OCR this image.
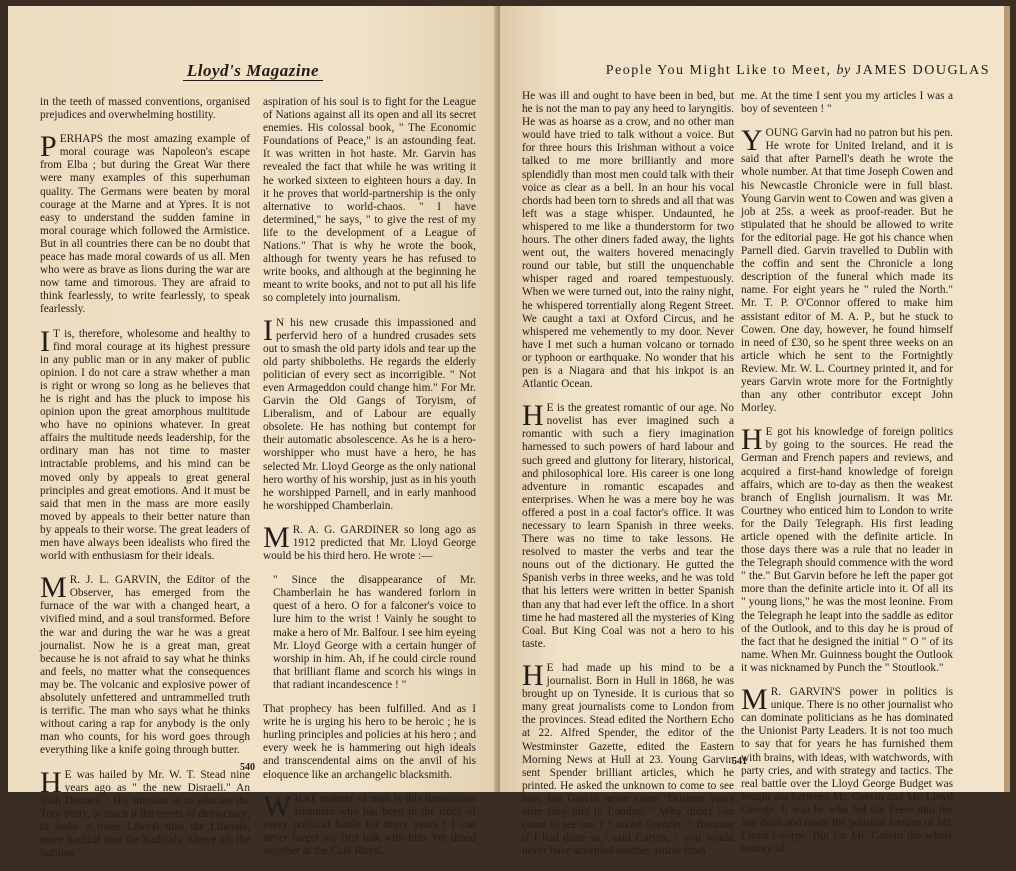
Lloyd's Magazine

in the teeth of massed conventions, organised prejudices and overwhelming hostility.

PERHAPS the most amazing example of moral courage was Napoleon's escape from Elba ; but during the Great War there were many examples of this superhuman quality. The Germans were beaten by moral courage at the Marne and at Ypres. It is not easy to understand the sudden famine in moral courage which followed the Armistice. But in all countries there can be no doubt that peace has made moral cowards of us all. Men who were as brave as lions during the war are now tame and timorous. They are afraid to think fearlessly, to write fearlessly, to speak fearlessly.

I T is, therefore, wholesome and healthy to find moral courage at its highest pressure in any public man or in any maker of public opinion. I do not care a straw whether a man is right or wrong so long as he believes that he is right and has the pluck to impose his opinion upon the great amorphous multitude who have no opinions whatever. In great affairs the multitude needs leadership, for the ordinary man has not time to master intractable problems, and his mind can be moved only by appeals to great general principles and great emotions. And it must be said that men in the mass are more easily moved by appeals to their better nature than by appeals to their worse. The great leaders of men have always been idealists who fired the world with enthusiasm for their ideals.

M R. J. L. GARVIN, the Editor of the Observer, has emerged from the furnace of the war with a changed heart, a vivified mind, and a soul transformed. Before the war and during the war he was a great journalist. Now he is a great man, great because he is not afraid to say what he thinks and feels, no matter what the consequences may be. The volcanic and explosive power of absolutely unfettered and untrammelled truth is terrific. The man who says what he thinks without caring a rap for anybody is the only man who counts, for his word goes through everything like a knife going through butter.

H E was hailed by Mr. W. T. Stead nine years ago as " the new Disraeli." An Irish Disraeli ! His mission is to educate the Tory Party, to teach it the tenets of democracy, to make it more Liberal than the Liberals, more Radical than the Radicals. Above all, the burning

aspiration of his soul is to fight for the League of Nations against all its open and all its secret enemies. His colossal book, " The Economic Foundations of Peace," is an astounding feat. It was written in hot haste. Mr. Garvin has revealed the fact that while he was writing it he worked sixteen to eighteen hours a day. In it he proves that world-partnership is the only alternative to world-chaos. " I have determined," he says, " to give the rest of my life to the development of a League of Nations." That is why he wrote the book, although for twenty years he has refused to write books, and although at the beginning he meant to write books, and not to put all his life so completely into journalism.

I N his new crusade this impassioned and perfervid hero of a hundred crusades sets out to smash the old party idols and tear up the old party shibboleths. He regards the elderly politician of every sect as incorrigible. " Not even Armageddon could change him." For Mr. Garvin the Old Gangs of Toryism, of Liberalism, and of Labour are equally obsolete. He has nothing but contempt for their automatic absolescence. As he is a hero-worshipper who must have a hero, he has selected Mr. Lloyd George as the only national hero worthy of his worship, just as in his youth he worshipped Parnell, and in early manhood he worshipped Chamberlain.

M R. A. G. GARDINER so long ago as 1912 predicted that Mr. Lloyd George would be his third hero. He wrote :—

" Since the disappearance of Mr. Chamberlain he has wandered forlorn in quest of a hero. O for a falconer's voice to lure him to the wrist ! Vainly he sought to make a hero of Mr. Balfour. I see him eyeing Mr. Lloyd George with a certain hunger of worship in him. Ah, if he could circle round that brilliant flame and scorch his wings in that radiant incandescence ! "

That prophecy has been fulfilled. And as I write he is urging his hero to be heroic ; he is hurling principles and policies at his hero ; and every week he is hammering out high ideals and transcendental aims on the anvil of his eloquence like an archangelic blacksmith.

WHAT manner of man is this tumultuous Irishman who has been in the thick of every political battle for thirty years ! I can never forget my first talk with him. We dined together at the Café Royal.

540
People You Might Like to Meet, by JAMES DOUGLAS

He was ill and ought to have been in bed, but he is not the man to pay any heed to laryngitis. He was as hoarse as a crow, and no other man would have tried to talk without a voice. But for three hours this Irishman without a voice talked to me more brilliantly and more splendidly than most men could talk with their voice as clear as a bell. In an hour his vocal chords had been torn to shreds and all that was left was a stage whisper. Undaunted, he whispered to me like a thunderstorm for two hours. The other diners faded away, the lights went out, the waiters hovered menacingly round our table, but still the unquenchable whisper raged and roared tempestuously. When we were turned out, into the rainy night, he whispered torrentially along Regent Street. We caught a taxi at Oxford Circus, and he whispered me vehemently to my door. Never have I met such a human volcano or tornado or typhoon or earthquake. No wonder that his pen is a Niagara and that his inkpot is an Atlantic Ocean.

H E is the greatest romantic of our age. No novelist has ever imagined such a romantic with such a fiery imagination harnessed to such powers of hard labour and such greed and gluttony for literary, historical, and philosophical lore. His career is one long adventure in romantic escapades and enterprises. When he was a mere boy he was offered a post in a coal factor's office. It was necessary to learn Spanish in three weeks. There was no time to take lessons. He resolved to master the verbs and tear the nouns out of the dictionary. He gutted the Spanish verbs in three weeks, and he was told that his letters were written in better Spanish than any that had ever left the office. In a short time he had mastered all the mysteries of King Coal. But King Coal was not a hero to his taste.

H E had made up his mind to be a journalist. Born in Hull in 1868, he was brought up on Tyneside. It is curious that so many great journalists come to London from the provinces. Stead edited the Northern Echo at 22. Alfred Spender, the editor of the Westminster Gazette, edited the Eastern Morning News at Hull at 23. Young Garvin sent Spender brilliant articles, which he printed. He asked the unknown to come to see him, but Garvin never came. Thirteen years after they met in London. " Why didn't you come to see me ? " asked Spender. " Because if I had done so," said Garvin, " you would never have accepted another article from

me. At the time I sent you my articles I was a boy of seventeen ! "

YOUNG Garvin had no patron but his pen. He wrote for United Ireland, and it is said that after Parnell's death he wrote the whole number. At that time Joseph Cowen and his Newcastle Chronicle were in full blast. Young Garvin went to Cowen and was given a job at 25s. a week as proof-reader. But he stipulated that he should be allowed to write for the editorial page. He got his chance when Parnell died. Garvin travelled to Dublin with the coffin and sent the Chronicle a long description of the funeral which made its name. For eight years he " ruled the North." Mr. T. P. O'Connor offered to make him assistant editor of M. A. P., but he stuck to Cowen. One day, however, he found himself in need of £30, so he spent three weeks on an article which he sent to the Fortnightly Review. Mr. W. L. Courtney printed it, and for years Garvin wrote more for the Fortnightly than any other contributor except John Morley.

H E got his knowledge of foreign politics by going to the sources. He read the German and French papers and reviews, and acquired a first-hand knowledge of foreign affairs, which are to-day as then the weakest branch of English journalism. It was Mr. Courtney who enticed him to London to write for the Daily Telegraph. His first leading article opened with the definite article. In those days there was a rule that no leader in the Telegraph should commence with the word " the." But Garvin before he left the paper got more than the definite article into it. Of all its " young lions," he was the most leonine. From the Telegraph he leapt into the saddle as editor of the Outlook, and to this day he is proud of the fact that he designed the initial " O " of its name. When Mr. Guinness bought the Outlook it was nicknamed by Punch the " Stoutlook."

M R. GARVIN'S power in politics is unique. There is no other journalist who can dominate politicians as he has dominated the Unionist Party Leaders. It is not too much to say that for years he has furnished them with brains, with ideas, with watchwords, with party cries, and with strategy and tactics. The real battle over the Lloyd George Budget was fought out between Mr. Garvin and Mr. Lloyd George. It was he who led the Peers into the last ditch and made the political fortune of Mr. Lloyd George. But for Mr. Garvin the whole history of

541
